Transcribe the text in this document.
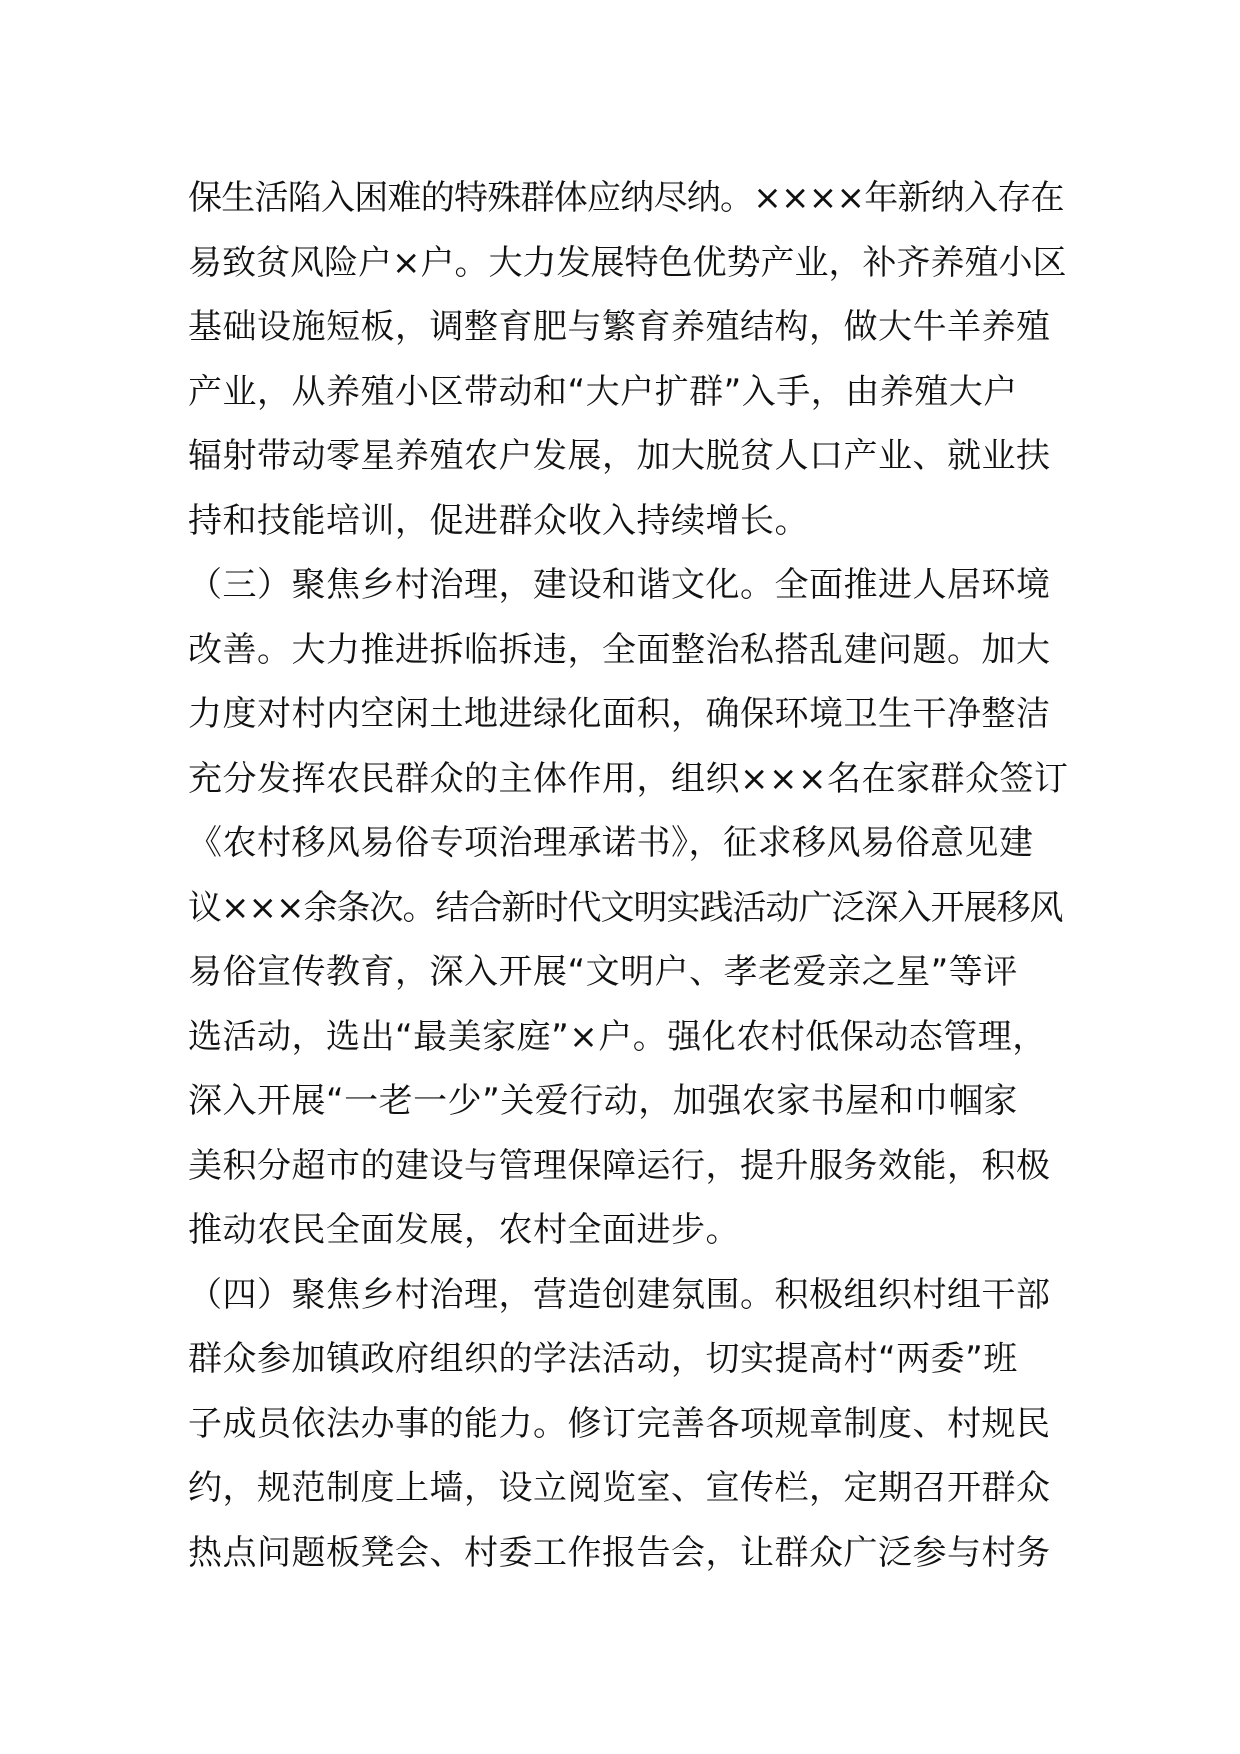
保生活陷入困难的特殊群体应纳尽纳。××××年新纳入存在
易致贫风险户×户。大力发展特色优势产业，补齐养殖小区
基础设施短板，调整育肥与繁育养殖结构，做大牛羊养殖
产业，从养殖小区带动和“大户扩群”入手，由养殖大户
辐射带动零星养殖农户发展，加大脱贫人口产业、就业扶
持和技能培训，促进群众收入持续增长。
（三）聚焦乡村治理，建设和谐文化。全面推进人居环境
改善。大力推进拆临拆违，全面整治私搭乱建问题。加大
力度对村内空闲土地进绿化面积，确保环境卫生干净整洁
充分发挥农民群众的主体作用，组织×××名在家群众签订
《农村移风易俗专项治理承诺书》，征求移风易俗意见建
议×××余条次。结合新时代文明实践活动广泛深入开展移风
易俗宣传教育，深入开展“文明户、孝老爱亲之星”等评
选活动，选出“最美家庭”×户。强化农村低保动态管理，
深入开展“一老一少”关爱行动，加强农家书屋和巾帼家
美积分超市的建设与管理保障运行，提升服务效能，积极
推动农民全面发展，农村全面进步。
（四）聚焦乡村治理，营造创建氛围。积极组织村组干部
群众参加镇政府组织的学法活动，切实提高村“两委”班
子成员依法办事的能力。修订完善各项规章制度、村规民
约，规范制度上墙，设立阅览室、宣传栏，定期召开群众
热点问题板凳会、村委工作报告会，让群众广泛参与村务
